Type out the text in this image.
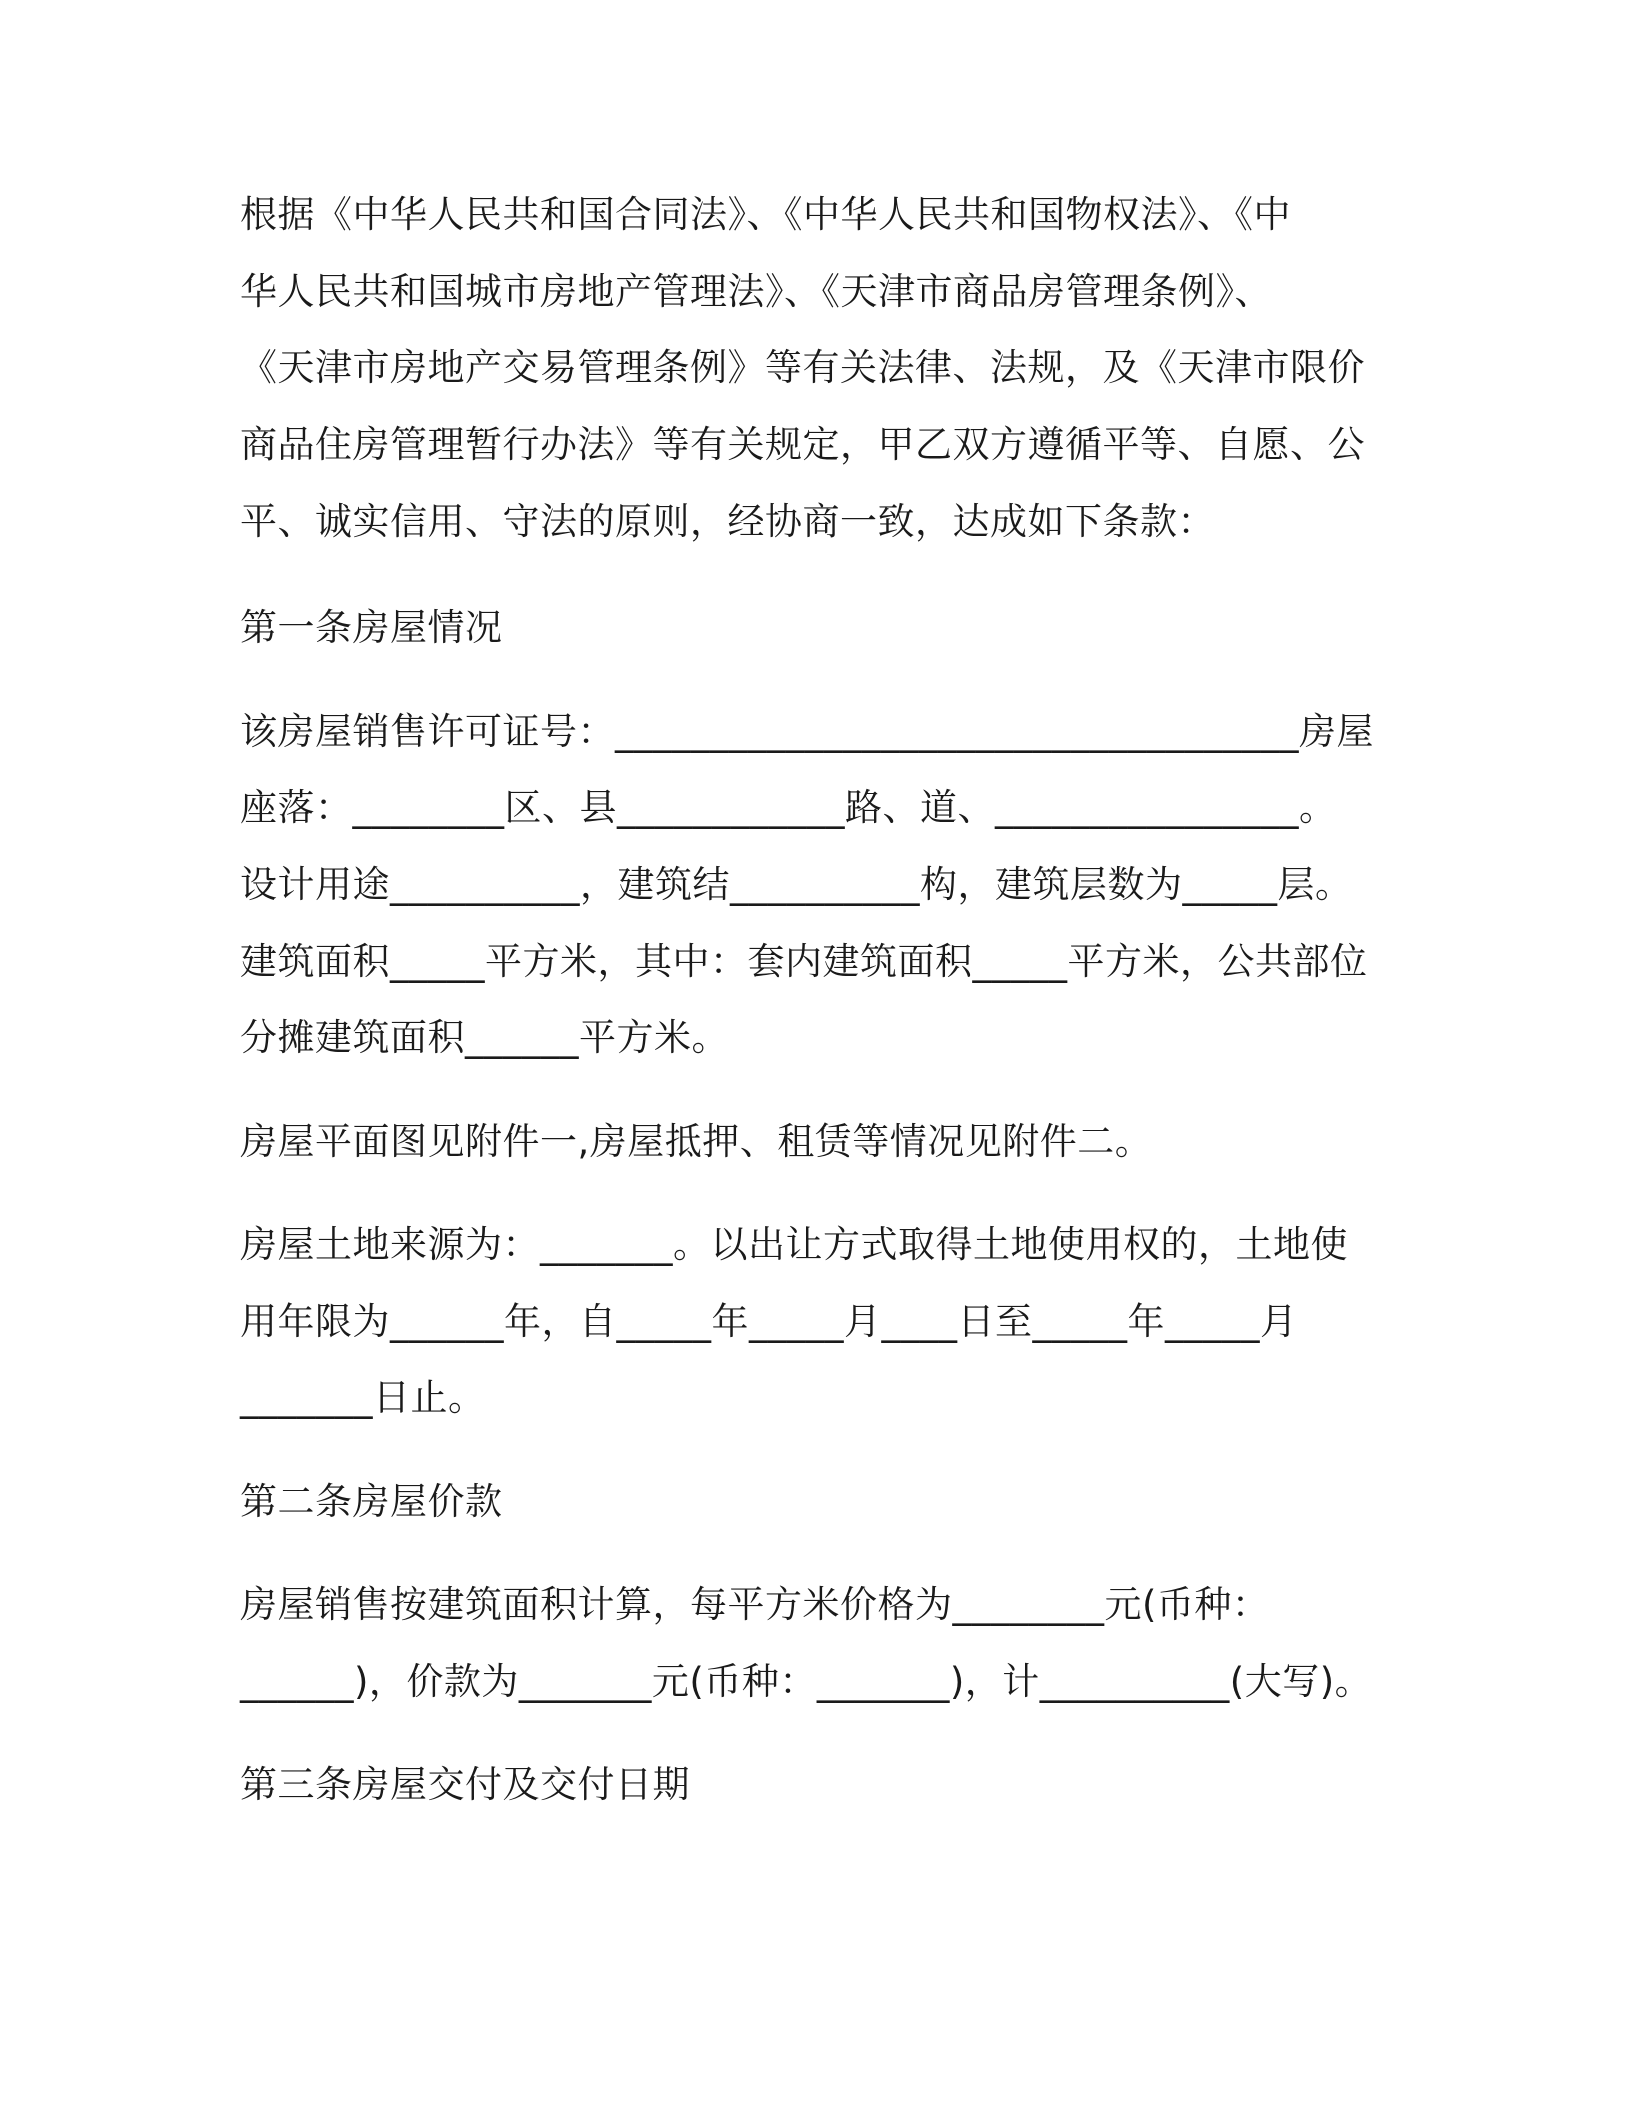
根据《中华人民共和国合同法》、《中华人民共和国物权法》、《中
华人民共和国城市房地产管理法》、《天津市商品房管理条例》、
《天津市房地产交易管理条例》等有关法律、法规，及《天津市限价
商品住房管理暂行办法》等有关规定，甲乙双方遵循平等、自愿、公
平、诚实信用、守法的原则，经协商一致，达成如下条款：
第一条房屋情况
该房屋销售许可证号：____________________________________房屋
座落：________区、县____________路、道、________________。
设计用途__________，建筑结__________构，建筑层数为_____层。
建筑面积_____平方米，其中：套内建筑面积_____平方米，公共部位
分摊建筑面积______平方米。
房屋平面图见附件一,房屋抵押、租赁等情况见附件二。
房屋土地来源为：_______。以出让方式取得土地使用权的，土地使
用年限为______年，自_____年_____月____日至_____年_____月
_______日止。
第二条房屋价款
房屋销售按建筑面积计算，每平方米价格为________元(币种：
______)，价款为_______元(币种：_______)，计__________(大写)。
第三条房屋交付及交付日期
